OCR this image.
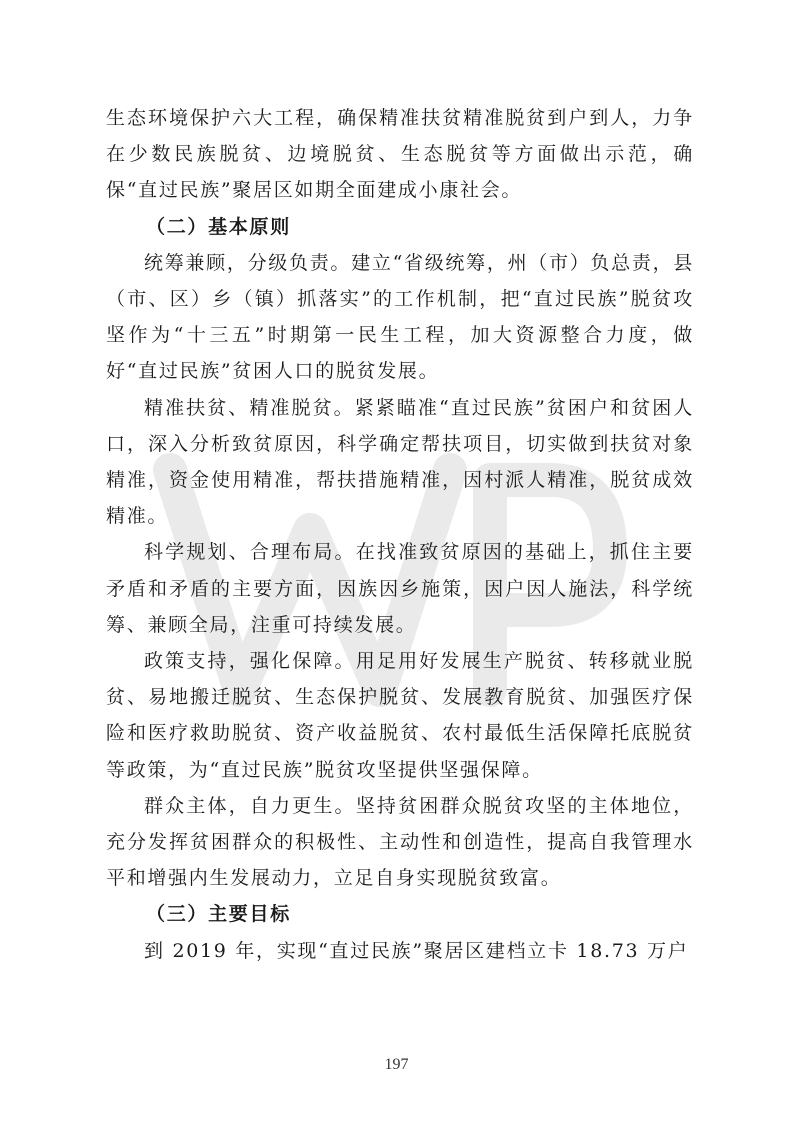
生态环境保护六大工程，确保精准扶贫精准脱贫到户到人，力争在少数民族脱贫、边境脱贫、生态脱贫等方面做出示范，确保“直过民族”聚居区如期全面建成小康社会。

（二）基本原则

统筹兼顾，分级负责。建立“省级统筹，州（市）负总责，县（市、区）乡（镇）抓落实”的工作机制，把“直过民族”脱贫攻坚作为“十三五”时期第一民生工程，加大资源整合力度，做好“直过民族”贫困人口的脱贫发展。

精准扶贫、精准脱贫。紧紧瞄准“直过民族”贫困户和贫困人口，深入分析致贫原因，科学确定帮扶项目，切实做到扶贫对象精准，资金使用精准，帮扶措施精准，因村派人精准，脱贫成效精准。

科学规划、合理布局。在找准致贫原因的基础上，抓住主要矛盾和矛盾的主要方面，因族因乡施策，因户因人施法，科学统筹、兼顾全局，注重可持续发展。

政策支持，强化保障。用足用好发展生产脱贫、转移就业脱贫、易地搬迁脱贫、生态保护脱贫、发展教育脱贫、加强医疗保险和医疗救助脱贫、资产收益脱贫、农村最低生活保障托底脱贫等政策，为“直过民族”脱贫攻坚提供坚强保障。

群众主体，自力更生。坚持贫困群众脱贫攻坚的主体地位，充分发挥贫困群众的积极性、主动性和创造性，提高自我管理水平和增强内生发展动力，立足自身实现脱贫致富。

（三）主要目标

到 2019 年，实现“直过民族”聚居区建档立卡 18.73 万户

197
